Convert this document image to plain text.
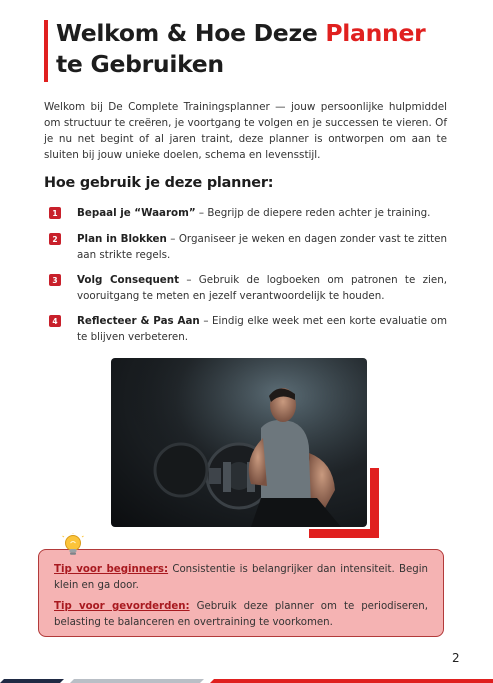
Welkom & Hoe Deze Planner
te Gebruiken

Welkom bij De Complete Trainingsplanner — jouw persoonlijke hulpmiddel om structuur te creëren, je voortgang te volgen en je successen te vieren. Of je nu net begint of al jaren traint, deze planner is ontworpen om aan te sluiten bij jouw unieke doelen, schema en levensstijl.

Hoe gebruik je deze planner:
1	Bepaal je “Waarom” – Begrijp de diepere reden achter je training.
2	Plan in Blokken – Organiseer je weken en dagen zonder vast te zitten aan strikte regels.
3	Volg Consequent – Gebruik de logboeken om patronen te zien, vooruitgang te meten en jezelf verantwoordelijk te houden.
4	Reflecteer & Pas Aan – Eindig elke week met een korte evaluatie om te blijven verbeteren.

Tip voor beginners: Consistentie is belangrijker dan intensiteit. Begin klein en ga door.

Tip voor gevorderden: Gebruik deze planner om te periodiseren, belasting te balanceren en overtraining te voorkomen.

2
